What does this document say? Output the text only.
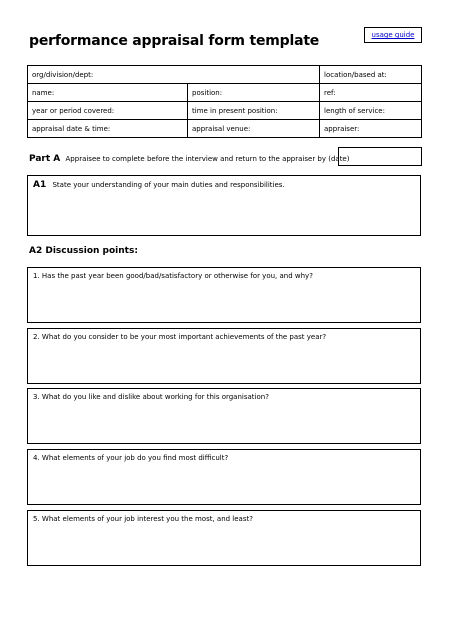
performance appraisal form template	usage guide
org/division/dept:		location/based at:
name:	position:	ref:
year or period covered:	time in present position:	length of service:
appraisal date & time:	appraisal venue:	appraiser:
Part A Appraisee to complete before the interview and return to the appraiser by (date)
A1 State your understanding of your main duties and responsibilities.
A2 Discussion points:
1. Has the past year been good/bad/satisfactory or otherwise for you, and why?
2. What do you consider to be your most important achievements of the past year?
3. What do you like and dislike about working for this organisation?
4. What elements of your job do you find most difficult?
5. What elements of your job interest you the most, and least?
